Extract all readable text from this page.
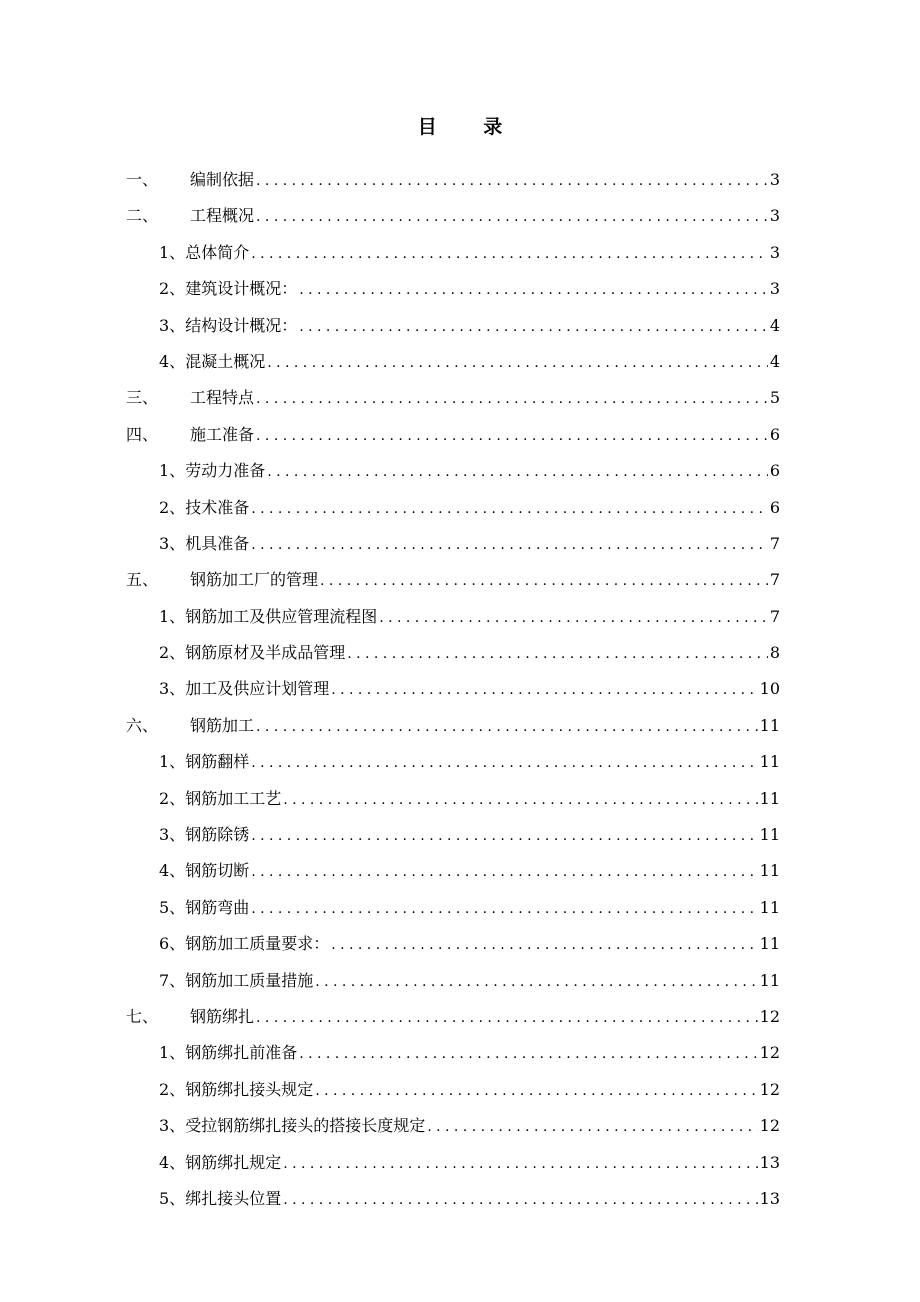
目 录
一、	编制依据 . . .	3
二、	工程概况 . . .	3
1、 总体简介 . . .	3
2、 建筑设计概况： . . .	3
3、 结构设计概况： . . .	4
4、 混凝土概况 . . .	4
三、	工程特点 . . .	5
四、	施工准备 . . .	6
1、 劳动力准备 . . .	6
2、 技术准备 . . .	6
3、 机具准备 . . .	7
五、	钢筋加工厂的管理 . . .	7
1、 钢筋加工及供应管理流程图 . . .	7
2、 钢筋原材及半成品管理 . . .	8
3、 加工及供应计划管理 . . .	10
六、	钢筋加工 . . .	11
1、 钢筋翻样 . . .	11
2、 钢筋加工工艺 . . .	11
3、 钢筋除锈 . . .	11
4、 钢筋切断 . . .	11
5、 钢筋弯曲 . . .	11
6、 钢筋加工质量要求： . . .	11
7、 钢筋加工质量措施 . . .	11
七、	钢筋绑扎 . . .	12
1、 钢筋绑扎前准备 . . .	12
2、 钢筋绑扎接头规定 . . .	12
3、 受拉钢筋绑扎接头的搭接长度规定 . . .	12
4、 钢筋绑扎规定 . . .	13
5、 绑扎接头位置 . . .	13
